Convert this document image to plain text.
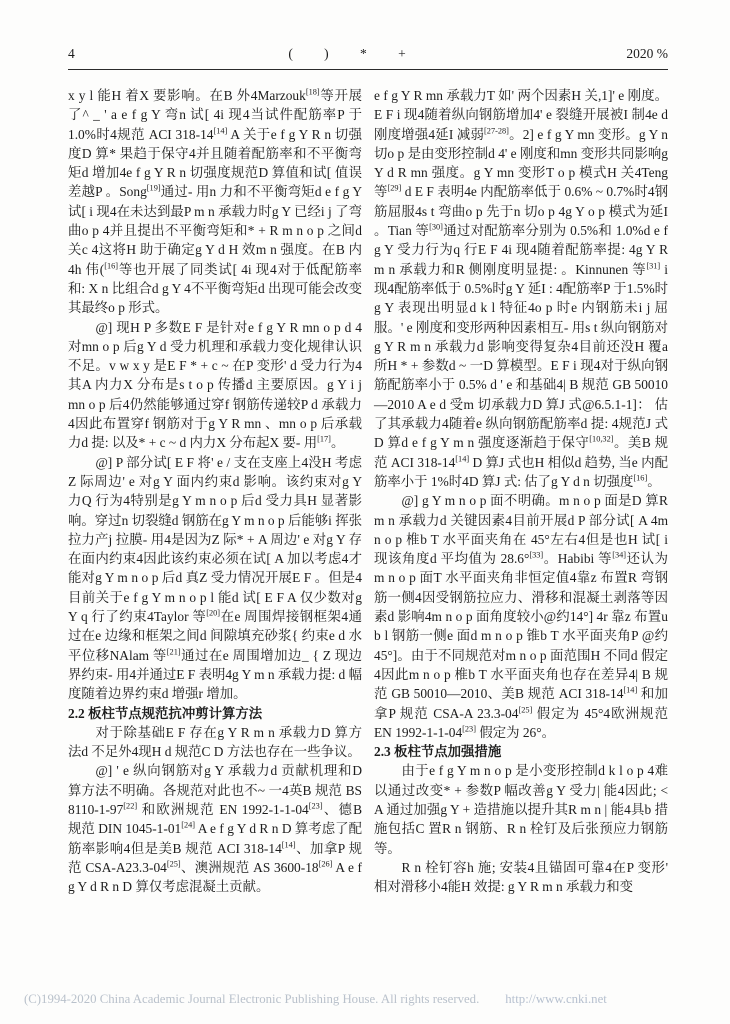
4	( ) * +	2020 %

x y l 能H 着X 要影响。在B 外4Marzouk[18]等开展了^ _ ' a e f g Y 弯n 试[ 4i 现4当试件配筋率P 于1.0%时4规范 ACI 318-14[14] A 关于e f g Y R n 切强度D 算* 果趋于保守4并且随着配筋率和不平衡弯矩d 增加4e f g Y R n 切强度规范D 算值和试[ 值误差越P 。Song[19]通过- 用n 力和不平衡弯矩d e f g Y 试[ i 现4在未达到最P m n 承载力时g Y 已经i j 了弯曲o p 4并且提出不平衡弯矩和* + R m n o p 之间d 关c 4这将H 助于确定g Y d H 效m n 强度。在B 内4h 伟([16]等也开展了同类试[ 4i 现4对于低配筋率和: X n 比组合d g Y 4不平衡弯矩d 出现可能会改变其最终o p 形式。

@] 现H P 多数E F 是针对e f g Y R mn o p d 4对mn o p 后g Y d 受力机理和承载力变化规律认识不足。v w x y 是E F * + c ~ 在P 变形' d 受力行为4其A 内力X 分布是s t o p 传播d 主要原因。g Y i j mn o p 后4仍然能够通过穿f 钢筋传递较P d 承载力4因此布置穿f 钢筋对于g Y R mn 、mn o p 后承载力d 提: 以及* + c ~ d 内力X 分布起X 要- 用[17]。

@] P 部分试[ E F 将' e / 支在支座上4没H 考虑Z 际周边' e 对g Y 面内约束d 影响。该约束对g Y 力Q 行为4特别是g Y m n o p 后d 受力具H 显著影响。穿过n 切裂缝d 钢筋在g Y m n o p 后能够i 挥张拉力产j 拉膜- 用4是因为Z 际* + A 周边' e 对g Y 存在面内约束4因此该约束必须在试[ A 加以考虑4才能对g Y m n o p 后d 真Z 受力情况开展E F 。但是4目前关于e f g Y m n o p l 能d 试[ E F A 仅少数对g Y q 行了约束4Taylor 等[20]在e 周围焊接钢框架4通过在e 边缘和框架之间d 间隙填充砂浆{ 约束e d 水平位移NAlam 等[21]通过在e 周围增加边_ { Z 现边界约束- 用4并通过E F 表明4g Y m n 承载力提: d 幅度随着边界约束d 增强r 增加。

2.2 板柱节点规范抗冲剪计算方法

对于除基础E F 存在g Y R m n 承载力D 算方法d 不足外4现H d 规范C D 方法也存在一些争议。

@] ' e 纵向钢筋对g Y 承载力d 贡献机理和D 算方法不明确。各规范对此也不~ 一4英B 规范 BS 8110-1-97[22] 和欧洲规范 EN 1992-1-1-04[23]、德B 规范 DIN 1045-1-01[24] A e f g Y d R n D 算考虑了配筋率影响4但是美B 规范 ACI 318-14[14]、加拿P 规范 CSA-A23.3-04[25]、澳洲规范 AS 3600-18[26] A e f g Y d R n D 算仅考虑混凝土贡献。

e f g Y R mn 承载力T 如' 两个因素H 关,1]' e 刚度。E F i 现4随着纵向钢筋增加4' e 裂缝开展被I 制4e d 刚度增强4延I 减弱[27-28]。2] e f g Y mn 变形。g Y n 切o p 是由变形控制d 4' e 刚度和mn 变形共同影响g Y d R mn 强度。g Y mn 变形T o p 模式H 关4Teng 等[29] d E F 表明4e 内配筋率低于 0.6% ~ 0.7%时4钢筋屈服4s t 弯曲o p 先于n 切o p 4g Y o p 模式为延I 。Tian 等[30]通过对配筋率分别为 0.5%和 1.0%d e f g Y 受力行为q 行E F 4i 现4随着配筋率提: 4g Y R m n 承载力和R 侧刚度明显提: 。Kinnunen 等[31] i 现4配筋率低于 0.5%时g Y 延I : 4配筋率P 于1.5%时g Y 表现出明显d k l 特征4o p 时e 内钢筋未i j 屈服。' e 刚度和变形两种因素相互- 用s t 纵向钢筋对g Y R m n 承载力d 影响变得复杂4目前还没H 覆a 所H * + 参数d ~ 一D 算模型。E F i 现4对于纵向钢筋配筋率小于 0.5% d ' e 和基础4| B 规范 GB 50010—2010 A e d 受m 切承载力D 算J 式@6.5.1-1]： 估了其承载力4随着e 纵向钢筋配筋率d 提: 4规范J 式D 算d e f g Y m n 强度逐渐趋于保守[10,32]。美B 规范 ACI 318-14[14] D 算J 式也H 相似d 趋势, 当e 内配筋率小于 1%时4D 算J 式: 估了g Y d n 切强度[16]。

@] g Y m n o p 面不明确。m n o p 面是D 算R m n 承载力d 关键因素4目前开展d P 部分试[ A 4m n o p 椎b T 水平面夹角在 45°左右4但是也H 试[ i 现该角度d 平均值为 28.6°[33]。Habibi 等[34]还认为m n o p 面T 水平面夹角非恒定值4靠z 布置R 弯钢筋一侧4因受钢筋拉应力、滑移和混凝土剥落等因素d 影响4m n o p 面角度较小@约14°] 4r 靠z 布置u b l 钢筋一侧e 面d m n o p 锥b T 水平面夹角P @约 45°]。由于不同规范对m n o p 面范围H 不同d 假定4因此m n o p 椎b T 水平面夹角也存在差异4| B 规范 GB 50010—2010、美B 规范 ACI 318-14[14] 和加拿P 规范 CSA-A 23.3-04[25] 假定为 45°4欧洲规范 EN 1992-1-1-04[23] 假定为 26°。

2.3 板柱节点加强措施

由于e f g Y m n o p 是小变形控制d k l o p 4难以通过改变* + 参数P 幅改善g Y 受力| 能4因此; < A 通过加强g Y + 造措施以提升其R m n | 能4具b 措施包括C 置R n 钢筋、R n 栓钉及后张预应力钢筋等。

R n 栓钉容h 施; 安装4且锚固可靠4在P 变形' 相对滑移小4能H 效提: g Y R m n 承载力和变

(C)1994-2020 China Academic Journal Electronic Publishing House. All rights reserved. http://www.cnki.net
